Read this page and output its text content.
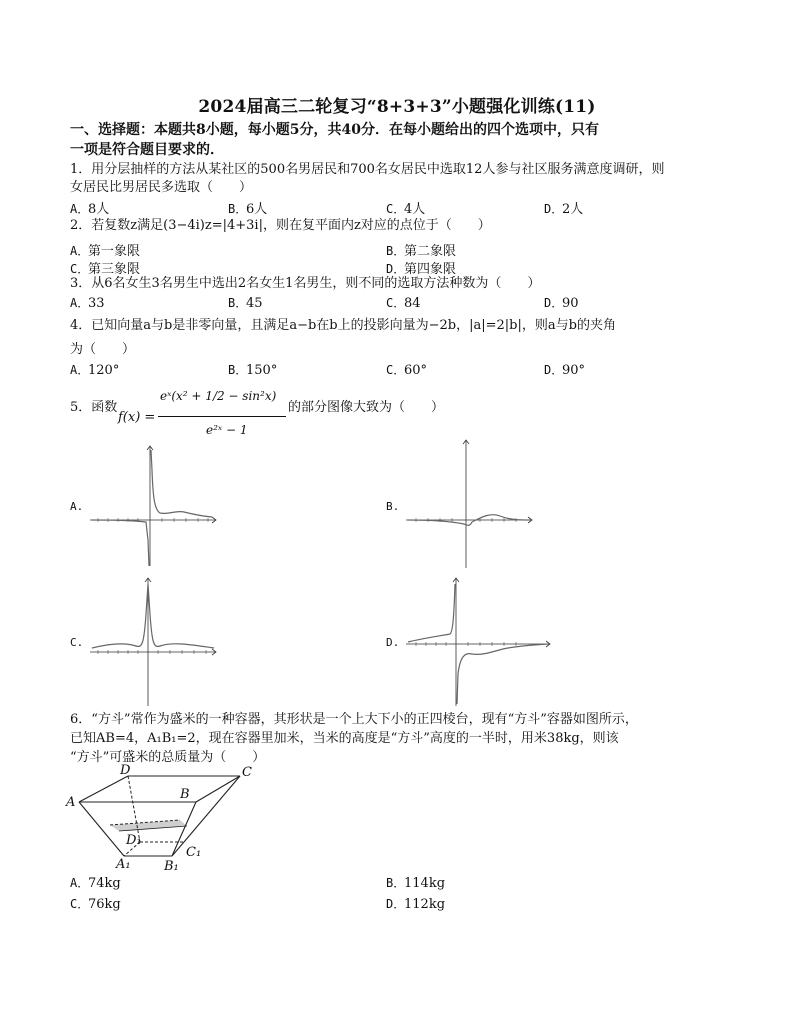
2024届高三二轮复习“8+3+3”小题强化训练(11)
一、选择题：本题共8小题，每小题5分，共40分．在每小题给出的四个选项中，只有
一项是符合题目要求的．
1．用分层抽样的方法从某社区的500名男居民和700名女居民中选取12人参与社区服务满意度调研，则
女居民比男居民多选取（　　）
A．8人	B．6人	C．4人	D．2人
2．若复数z满足(3−4i)z=|4+3i|，则在复平面内z对应的点位于（　　）
A．第一象限	B．第二象限
C．第三象限	D．第四象限
3．从6名女生3名男生中选出2名女生1名男生，则不同的选取方法种数为（　　）
A．33	B．45	C．84	D．90
4．已知向量a与b是非零向量，且满足a−b在b上的投影向量为−2b，|a|=2|b|，则a与b的夹角
为（　　）
A．120°	B．150°	C．60°	D．90°
5．函数
f(x) =
eˣ(x² + 1/2 − sin²x)
e²ˣ − 1
的部分图像大致为（　　）
A.	B.
C.	D.
6．“方斗”常作为盛米的一种容器，其形状是一个上大下小的正四棱台，现有“方斗”容器如图所示，
已知AB=4，A₁B₁=2，现在容器里加米，当米的高度是“方斗”高度的一半时，用米38kg，则该
“方斗”可盛米的总质量为（　　）
A
B
C
D
A₁	B₁
C₁
D₁
A．74kg	B．114kg
C．76kg	D．112kg
